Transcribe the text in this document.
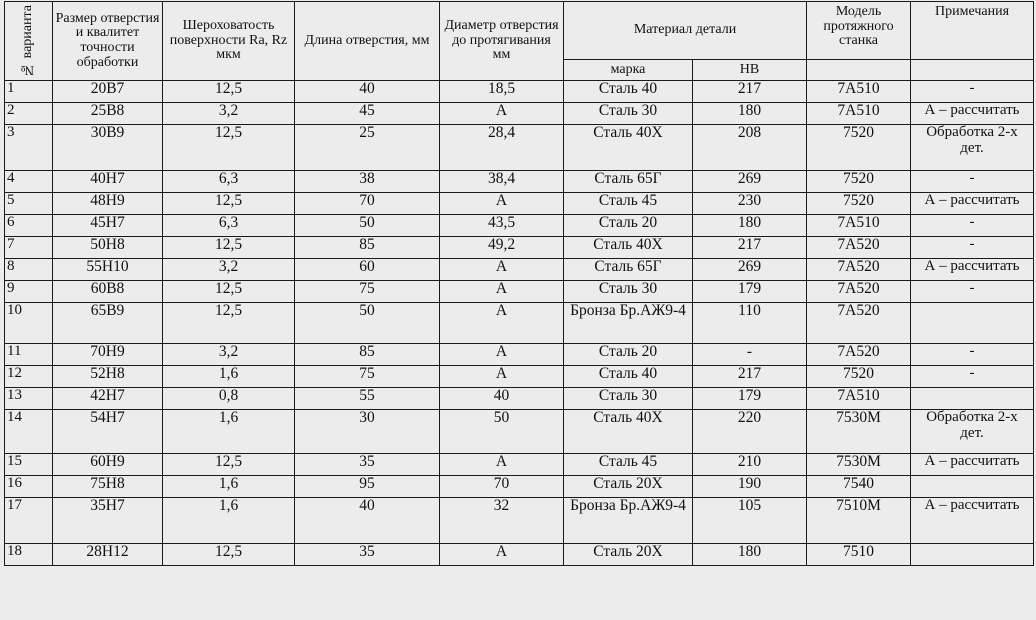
№ варианта	Размер отверстия и квалитет точности обработки	Шероховатость поверхности Ra, Rz мкм	Длина отверстия, мм	Диаметр отверстия до протягивания мм	Материал детали		Модель протяжного станка	Примечания

					марка	НВ		
1	20В7	12,5	40	18,5	Сталь 40	217	7А510	-
2	25В8	3,2	45	А	Сталь 30	180	7А510	А – рассчитать
3	30В9	12,5	25	28,4	Сталь 40Х	208	7520	Обработка 2-х дет.
4	40Н7	6,3	38	38,4	Сталь 65Г	269	7520	-
5	48Н9	12,5	70	А	Сталь 45	230	7520	А – рассчитать
6	45Н7	6,3	50	43,5	Сталь 20	180	7А510	-
7	50Н8	12,5	85	49,2	Сталь 40Х	217	7А520	-
8	55Н10	3,2	60	А	Сталь 65Г	269	7А520	А – рассчитать
9	60В8	12,5	75	А	Сталь 30	179	7А520	-
10	65В9	12,5	50	А	Бронза Бр.АЖ9-4	110	7А520	
11	70Н9	3,2	85	А	Сталь 20	-	7А520	-
12	52Н8	1,6	75	А	Сталь 40	217	7520	-
13	42Н7	0,8	55	40	Сталь 30	179	7А510	
14	54Н7	1,6	30	50	Сталь 40Х	220	7530М	Обработка 2-х дет.
15	60Н9	12,5	35	А	Сталь 45	210	7530М	А – рассчитать
16	75Н8	1,6	95	70	Сталь 20Х	190	7540	
17	35Н7	1,6	40	32	Бронза Бр.АЖ9-4	105	7510М	А – рассчитать
18	28Н12	12,5	35	А	Сталь 20Х	180	7510	
